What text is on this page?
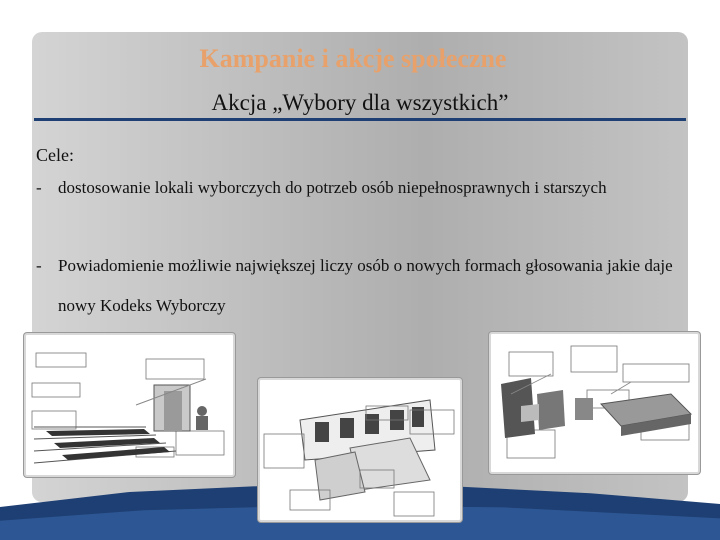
Kampanie i akcje społeczne
Akcja „Wybory dla wszystkich”
Cele:
- dostosowanie lokali wyborczych do potrzeb osób niepełnosprawnych i starszych
- Powiadomienie możliwie największej liczy osób o nowych formach głosowania jakie daje nowy Kodeks Wyborczy
